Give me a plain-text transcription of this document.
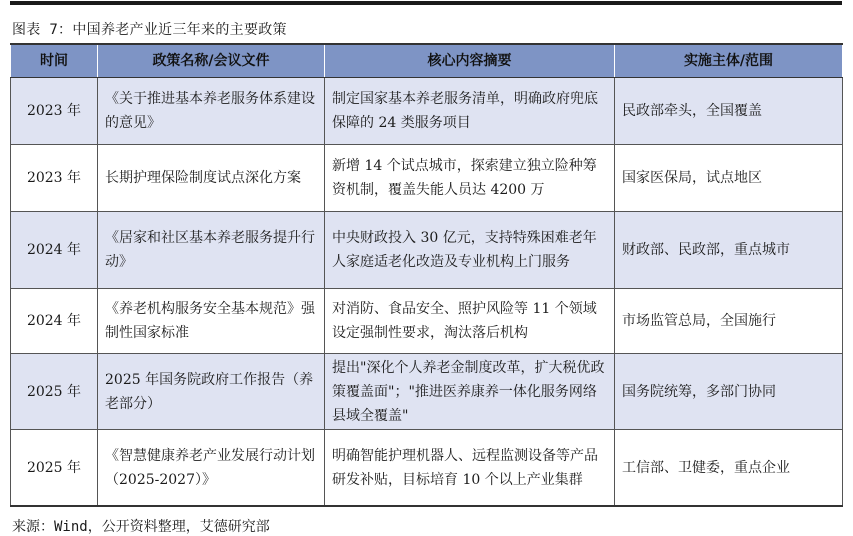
图表 7：中国养老产业近三年来的主要政策
时间	政策名称/会议文件	核心内容摘要	实施主体/范围
2023 年	《关于推进基本养老服务体系建设的意见》	制定国家基本养老服务清单，明确政府兜底保障的 24 类服务项目	民政部牵头，全国覆盖
2023 年	长期护理保险制度试点深化方案	新增 14 个试点城市，探索建立独立险种筹资机制，覆盖失能人员达 4200 万	国家医保局，试点地区
2024 年	《居家和社区基本养老服务提升行动》	中央财政投入 30 亿元，支持特殊困难老年人家庭适老化改造及专业机构上门服务	财政部、民政部，重点城市
2024 年	《养老机构服务安全基本规范》强制性国家标准	对消防、食品安全、照护风险等 11 个领域设定强制性要求，淘汰落后机构	市场监管总局，全国施行
2025 年	2025 年国务院政府工作报告（养老部分）	提出"深化个人养老金制度改革，扩大税优政策覆盖面"；"推进医养康养一体化服务网络县域全覆盖"	国务院统筹，多部门协同
2025 年	《智慧健康养老产业发展行动计划（2025-2027）》	明确智能护理机器人、远程监测设备等产品研发补贴，目标培育 10 个以上产业集群	工信部、卫健委，重点企业
来源：Wind，公开资料整理，艾德研究部
